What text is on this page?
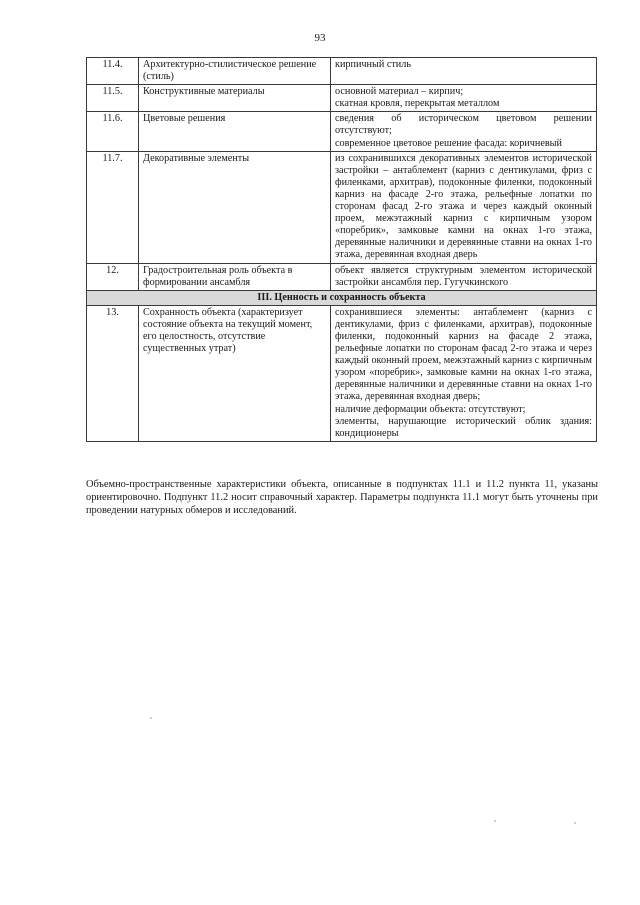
93
11.4.	Архитектурно-стилистическое решение (стиль)	кирпичный стиль

11.5.	Конструктивные материалы	основной материал – кирпич;
скатная кровля, перекрытая металлом

11.6.	Цветовые решения	сведения об историческом цветовом решении отсутствуют;
современное цветовое решение фасада: коричневый

11.7.	Декоративные элементы	из сохранившихся декоративных элементов исторической застройки – антаблемент (карниз с дентикулами, фриз с филенками, архитрав), подоконные филенки, подоконный карниз на фасаде 2-го этажа, рельефные лопатки по сторонам фасад 2-го этажа и через каждый оконный проем, межэтажный карниз с кирпичным узором «поребрик», замковые камни на окнах 1-го этажа, деревянные наличники и деревянные ставни на окнах 1-го этажа, деревянная входная дверь

12.	Градостроительная роль объекта в формировании ансамбля	объект является структурным элементом исторической застройки ансамбля пер. Гугучкинского

III. Ценность и сохранность объекта		
13.	Сохранность объекта (характеризует состояние объекта на текущий момент, его целостность, отсутствие существенных утрат)	сохранившиеся элементы: антаблемент (карниз с дентикулами, фриз с филенками, архитрав), подоконные филенки, подоконный карниз на фасаде 2 этажа, рельефные лопатки по сторонам фасад 2-го этажа и через каждый оконный проем, межэтажный карниз с кирпичным узором «поребрик», замковые камни на окнах 1-го этажа, деревянные наличники и деревянные ставни на окнах 1-го этажа, деревянная входная дверь;
наличие деформации объекта: отсутствуют;
элементы, нарушающие исторический облик здания: кондиционеры
Объемно-пространственные характеристики объекта, описанные в подпунктах 11.1 и 11.2 пункта 11, указаны ориентировочно. Подпункт 11.2 носит справочный характер. Параметры подпункта 11.1 могут быть уточнены при проведении натурных обмеров и исследований.
